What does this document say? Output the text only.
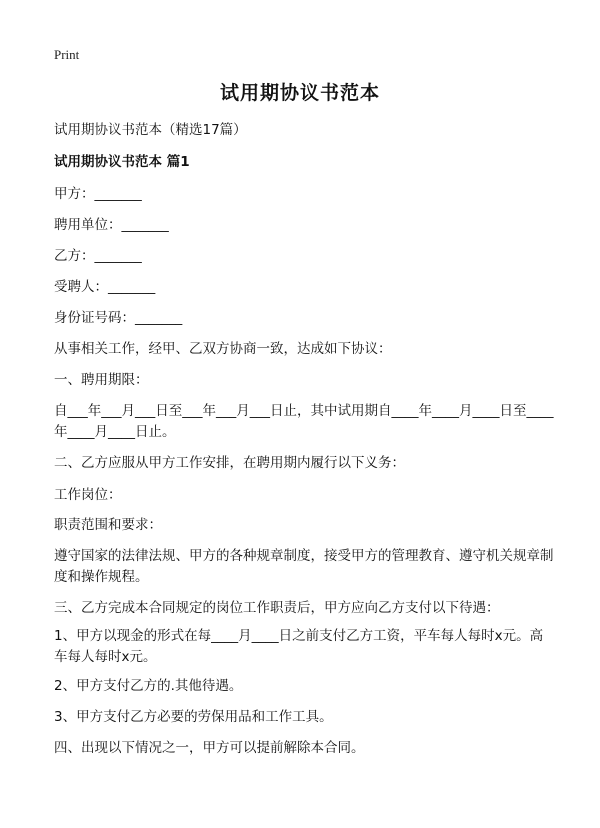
Print
试用期协议书范本
试用期协议书范本（精选17篇）
试用期协议书范本 篇1
甲方：_______
聘用单位：_______
乙方：_______
受聘人：_______
身份证号码：_______
从事相关工作，经甲、乙双方协商一致，达成如下协议：
一、聘用期限：
自___年___月___日至___年___月___日止，其中试用期自____年____月____日至____年____月____日止。
二、乙方应服从甲方工作安排，在聘用期内履行以下义务：
工作岗位：
职责范围和要求：
遵守国家的法律法规、甲方的各种规章制度，接受甲方的管理教育、遵守机关规章制度和操作规程。
三、乙方完成本合同规定的岗位工作职责后，甲方应向乙方支付以下待遇：
1、甲方以现金的形式在每____月____日之前支付乙方工资，平车每人每时x元。高车每人每时x元。
2、甲方支付乙方的.其他待遇。
3、甲方支付乙方必要的劳保用品和工作工具。
四、出现以下情况之一，甲方可以提前解除本合同。
